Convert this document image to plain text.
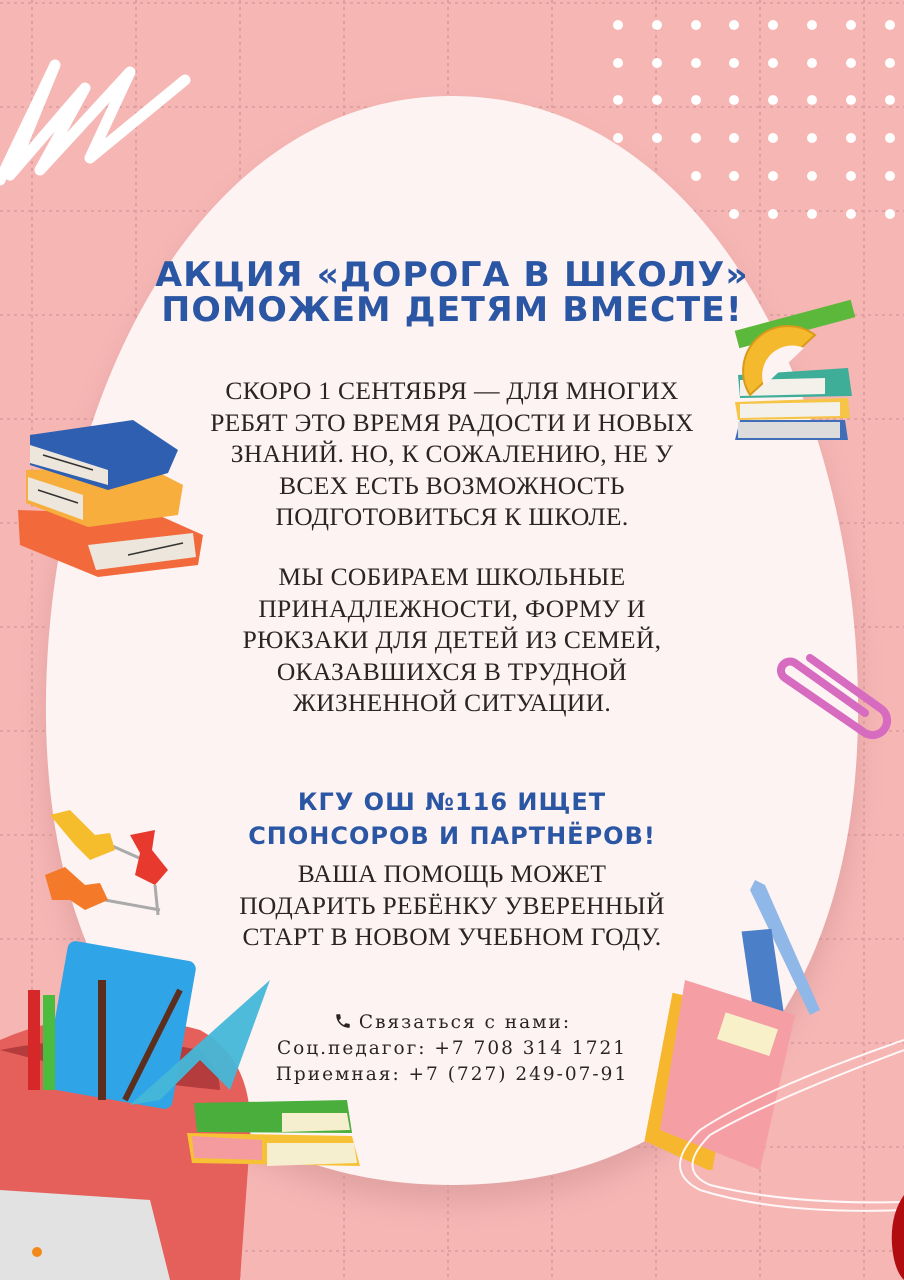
АКЦИЯ «ДОРОГА В ШКОЛУ»
ПОМОЖЕМ ДЕТЯМ ВМЕСТЕ!
СКОРО 1 СЕНТЯБРЯ — ДЛЯ МНОГИХ
РЕБЯТ ЭТО ВРЕМЯ РАДОСТИ И НОВЫХ
ЗНАНИЙ. НО, К СОЖАЛЕНИЮ, НЕ У
ВСЕХ ЕСТЬ ВОЗМОЖНОСТЬ
ПОДГОТОВИТЬСЯ К ШКОЛЕ.
МЫ СОБИРАЕМ ШКОЛЬНЫЕ
ПРИНАДЛЕЖНОСТИ, ФОРМУ И
РЮКЗАКИ ДЛЯ ДЕТЕЙ ИЗ СЕМЕЙ,
ОКАЗАВШИХСЯ В ТРУДНОЙ
ЖИЗНЕННОЙ СИТУАЦИИ.
КГУ ОШ №116 ИЩЕТ
СПОНСОРОВ И ПАРТНЁРОВ!
ВАША ПОМОЩЬ МОЖЕТ
ПОДАРИТЬ РЕБЁНКУ УВЕРЕННЫЙ
СТАРТ В НОВОМ УЧЕБНОМ ГОДУ.
Связаться с нами:
Соц.педагог: +7 708 314 1721
Приемная: +7 (727) 249-07-91
